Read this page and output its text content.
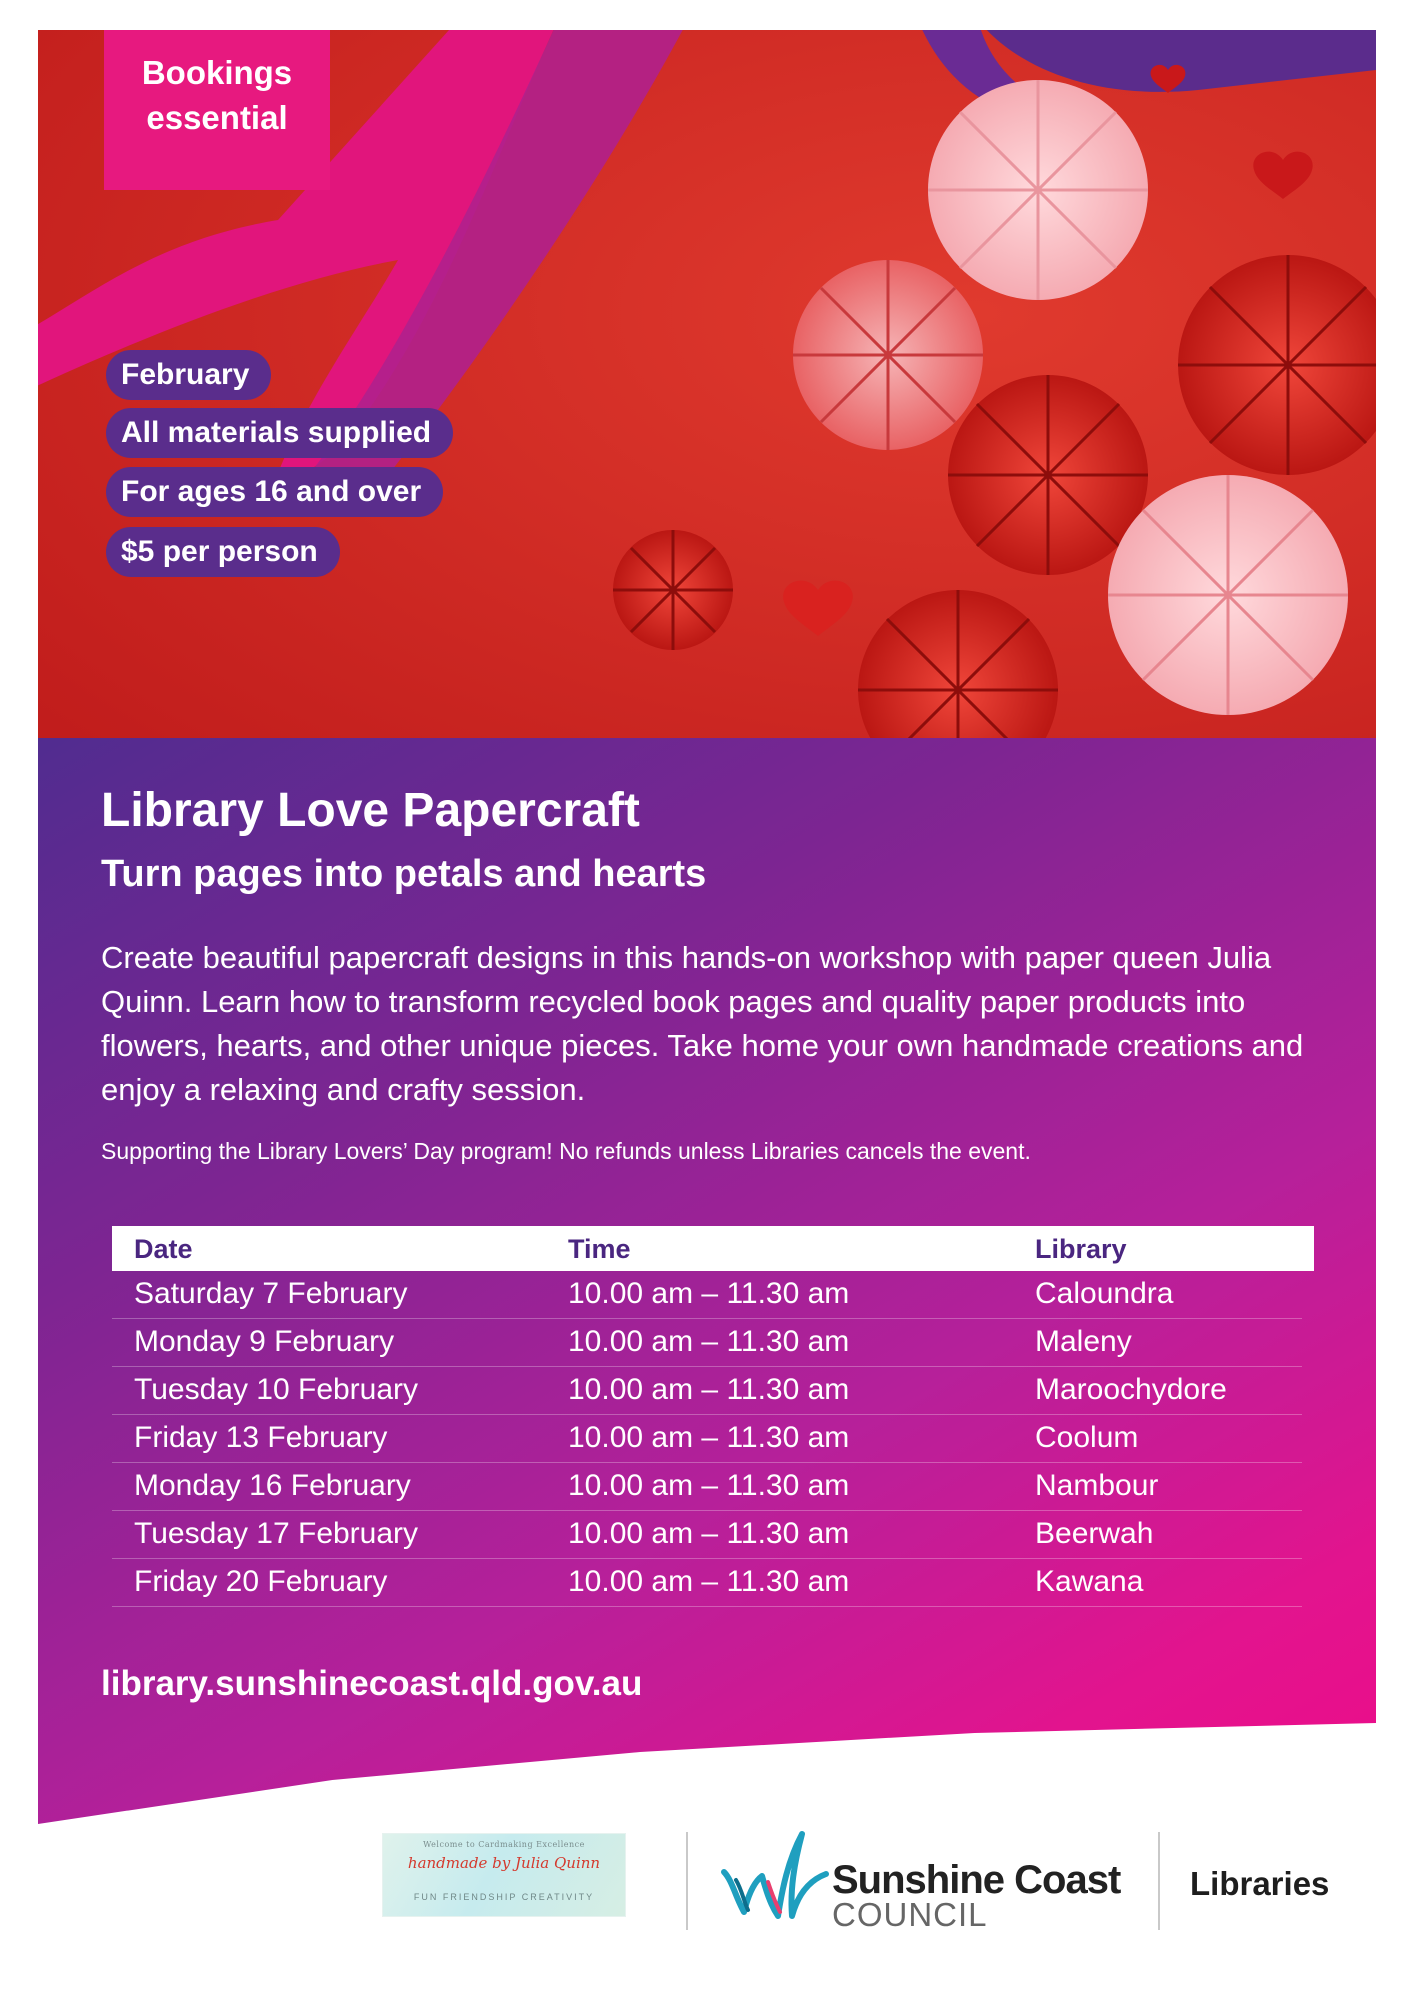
Bookings
essential
February
All materials supplied
For ages 16 and over
$5 per person
Library Love Papercraft
Turn pages into petals and hearts

Create beautiful papercraft designs in this hands-on workshop with paper queen Julia Quinn. Learn how to transform recycled book pages and quality paper products into flowers, hearts, and other unique pieces. Take home your own handmade creations and enjoy a relaxing and crafty session.

Supporting the Library Lovers’ Day program! No refunds unless Libraries cancels the event.

Date	Time	Library
Saturday 7 February	10.00 am – 11.30 am	Caloundra
Monday 9 February	10.00 am – 11.30 am	Maleny
Tuesday 10 February	10.00 am – 11.30 am	Maroochydore
Friday 13 February	10.00 am – 11.30 am	Coolum
Monday 16 February	10.00 am – 11.30 am	Nambour
Tuesday 17 February	10.00 am – 11.30 am	Beerwah
Friday 20 February	10.00 am – 11.30 am	Kawana
library.sunshinecoast.qld.gov.au
Welcome to Cardmaking Excellence
handmade by Julia Quinn
FUN FRIENDSHIP CREATIVITY	Sunshine Coast
COUNCIL
Libraries
